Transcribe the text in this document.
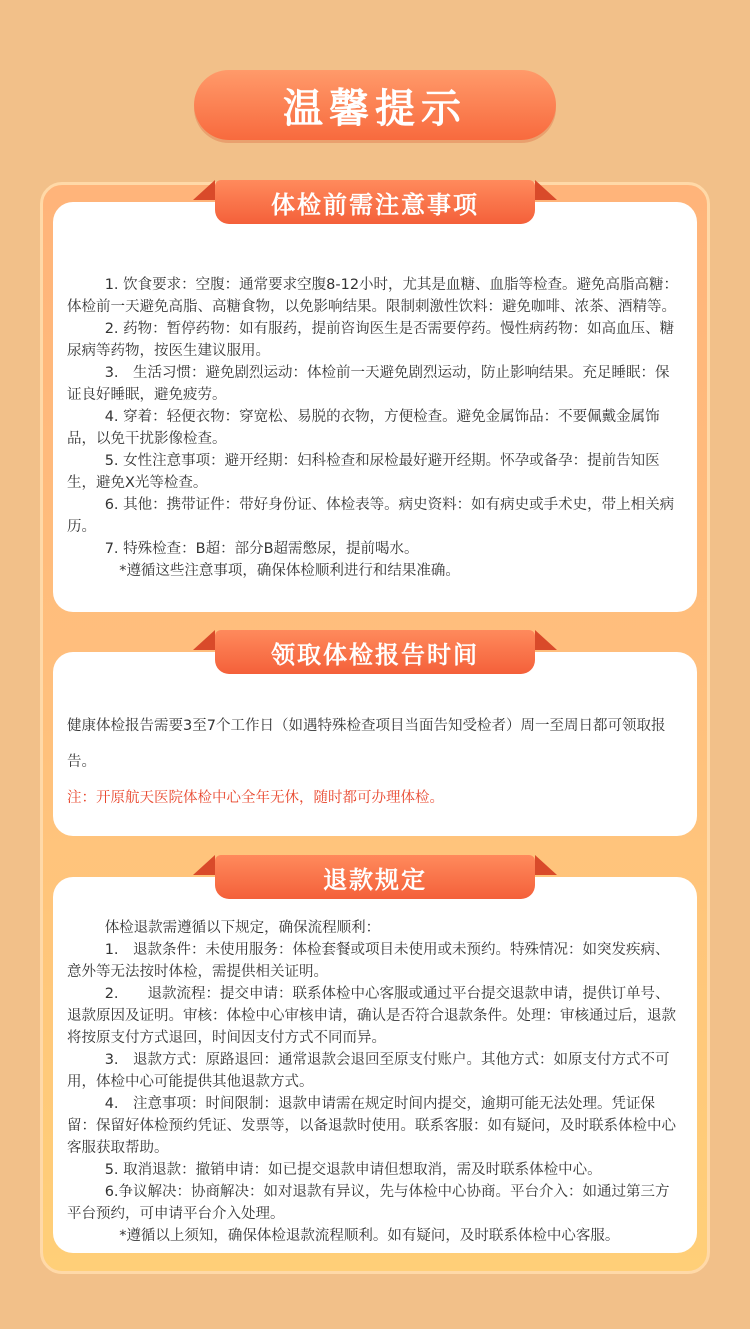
温馨提示
体检前需注意事项

1. 饮食要求：空腹：通常要求空腹8-12小时，尤其是血糖、血脂等检查。避免高脂高糖：体检前一天避免高脂、高糖食物，以免影响结果。限制刺激性饮料：避免咖啡、浓茶、酒精等。

2. 药物：暂停药物：如有服药，提前咨询医生是否需要停药。慢性病药物：如高血压、糖尿病等药物，按医生建议服用。

3.　生活习惯：避免剧烈运动：体检前一天避免剧烈运动，防止影响结果。充足睡眠：保证良好睡眠，避免疲劳。

4. 穿着：轻便衣物：穿宽松、易脱的衣物，方便检查。避免金属饰品：不要佩戴金属饰品，以免干扰影像检查。

5. 女性注意事项：避开经期：妇科检查和尿检最好避开经期。怀孕或备孕：提前告知医生，避免X光等检查。

6. 其他：携带证件：带好身份证、体检表等。病史资料：如有病史或手术史，带上相关病历。

7. 特殊检查：B超：部分B超需憋尿，提前喝水。

*遵循这些注意事项，确保体检顺利进行和结果准确。

领取体检报告时间

健康体检报告需要3至7个工作日（如遇特殊检查项目当面告知受检者）周一至周日都可领取报告。

注：开原航天医院体检中心全年无休，随时都可办理体检。

退款规定

体检退款需遵循以下规定，确保流程顺利：

1.　退款条件：未使用服务：体检套餐或项目未使用或未预约。特殊情况：如突发疾病、意外等无法按时体检，需提供相关证明。

2.　　退款流程：提交申请：联系体检中心客服或通过平台提交退款申请，提供订单号、退款原因及证明。审核：体检中心审核申请，确认是否符合退款条件。处理：审核通过后，退款将按原支付方式退回，时间因支付方式不同而异。

3.　退款方式：原路退回：通常退款会退回至原支付账户。其他方式：如原支付方式不可用，体检中心可能提供其他退款方式。

4.　注意事项：时间限制：退款申请需在规定时间内提交，逾期可能无法处理。凭证保留：保留好体检预约凭证、发票等，以备退款时使用。联系客服：如有疑问，及时联系体检中心客服获取帮助。

5. 取消退款：撤销申请：如已提交退款申请但想取消，需及时联系体检中心。

6.争议解决：协商解决：如对退款有异议，先与体检中心协商。平台介入：如通过第三方平台预约，可申请平台介入处理。

*遵循以上须知，确保体检退款流程顺利。如有疑问，及时联系体检中心客服。
